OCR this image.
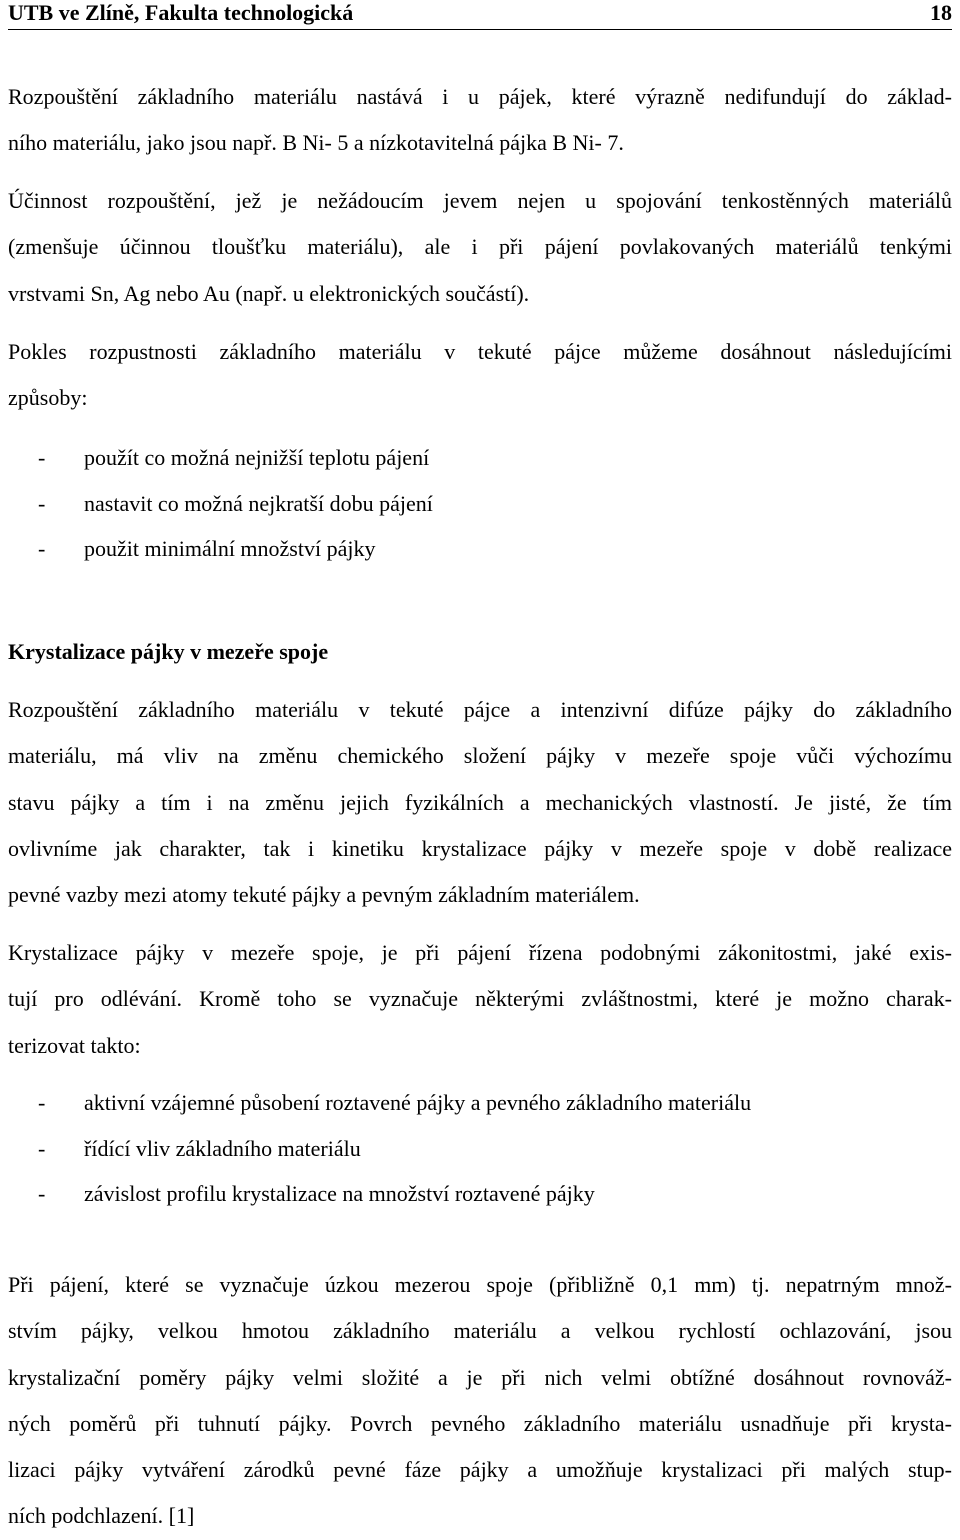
UTB ve Zlíně, Fakulta technologická	18
Rozpouštění základního materiálu nastává i u pájek, které výrazně nedifundují do základ-
ního materiálu, jako jsou např. B Ni- 5 a nízkotavitelná pájka B Ni- 7.
Účinnost rozpouštění, jež je nežádoucím jevem nejen u spojování tenkostěnných materiálů
(zmenšuje účinnou tloušťku materiálu), ale i při pájení povlakovaných materiálů tenkými
vrstvami Sn, Ag nebo Au (např. u elektronických součástí).
Pokles rozpustnosti základního materiálu v tekuté pájce můžeme dosáhnout následujícími
způsoby:
- použít co možná nejnižší teplotu pájení
- nastavit co možná nejkratší dobu pájení
- použit minimální množství pájky
Krystalizace pájky v mezeře spoje
Rozpouštění základního materiálu v tekuté pájce a intenzivní difúze pájky do základního
materiálu, má vliv na změnu chemického složení pájky v mezeře spoje vůči výchozímu
stavu pájky a tím i na změnu jejich fyzikálních a mechanických vlastností. Je jisté, že tím
ovlivníme jak charakter, tak i kinetiku krystalizace pájky v mezeře spoje v době realizace
pevné vazby mezi atomy tekuté pájky a pevným základním materiálem.
Krystalizace pájky v mezeře spoje, je při pájení řízena podobnými zákonitostmi, jaké exis-
tují pro odlévání. Kromě toho se vyznačuje některými zvláštnostmi, které je možno charak-
terizovat takto:
- aktivní vzájemné působení roztavené pájky a pevného základního materiálu
- řídící vliv základního materiálu
- závislost profilu krystalizace na množství roztavené pájky
Při pájení, které se vyznačuje úzkou mezerou spoje (přibližně 0,1 mm) tj. nepatrným množ-
stvím pájky, velkou hmotou základního materiálu a velkou rychlostí ochlazování, jsou
krystalizační poměry pájky velmi složité a je při nich velmi obtížné dosáhnout rovnováž-
ných poměrů při tuhnutí pájky. Povrch pevného základního materiálu usnadňuje při krysta-
lizaci pájky vytváření zárodků pevné fáze pájky a umožňuje krystalizaci při malých stup-
ních podchlazení. [1]
